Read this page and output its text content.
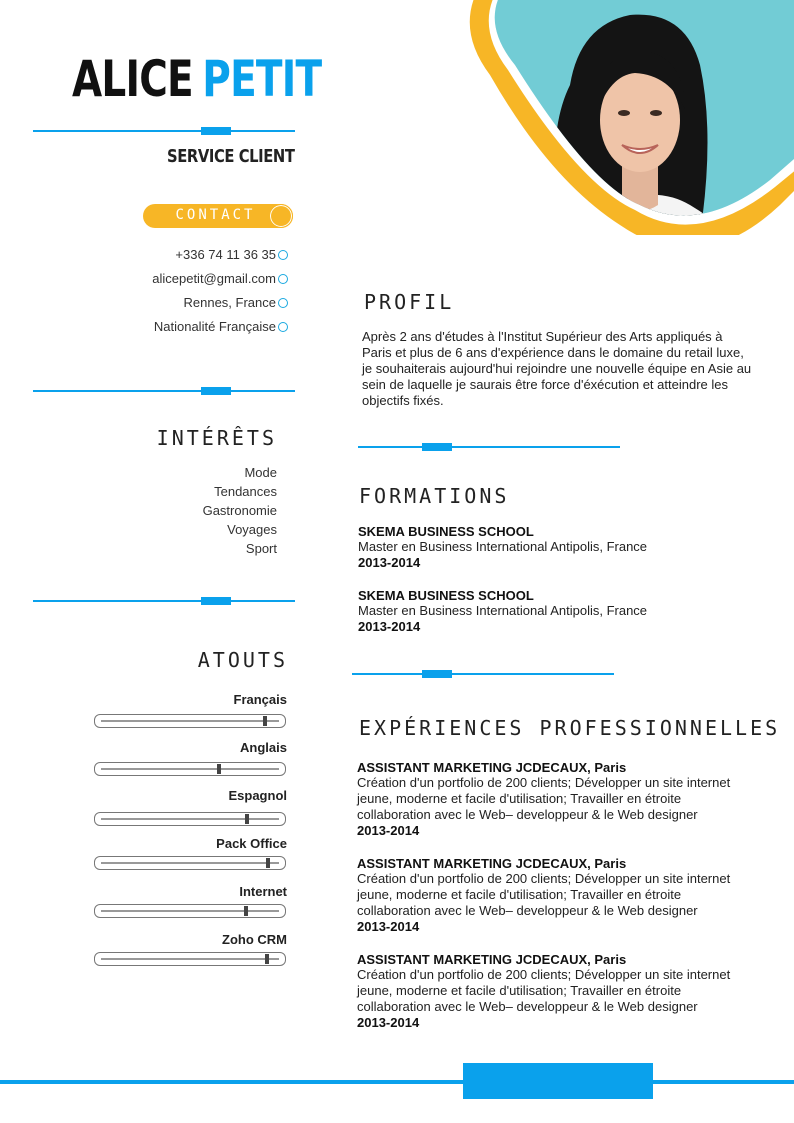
ALICE PETIT
SERVICE CLIENT
CONTACT
+336 74 11 36 35
alicepetit@gmail.com
Rennes, France
Nationalité Française
INTÉRÊTS
Mode
Tendances
Gastronomie
Voyages
Sport
ATOUTS
Français
Anglais
Espagnol
Pack Office
Internet
Zoho CRM
PROFIL
Après 2 ans d'études à l'Institut Supérieur des Arts appliqués à Paris et plus de 6 ans d'expérience dans le domaine du retail luxe, je souhaiterais aujourd'hui rejoindre une nouvelle équipe en Asie au sein de laquelle je saurais être force d'éxécution et atteindre les objectifs fixés.
FORMATIONS
SKEMA BUSINESS SCHOOL
Master en Business International Antipolis, France
2013-2014
SKEMA BUSINESS SCHOOL
Master en Business International Antipolis, France
2013-2014
EXPÉRIENCES PROFESSIONNELLES
ASSISTANT MARKETING JCDECAUX, Paris
Création d'un portfolio de 200 clients; Développer un site internet jeune, moderne et facile d'utilisation; Travailler en étroite collaboration avec le Web– developpeur & le Web designer
2013-2014
ASSISTANT MARKETING JCDECAUX, Paris
Création d'un portfolio de 200 clients; Développer un site internet jeune, moderne et facile d'utilisation; Travailler en étroite collaboration avec le Web– developpeur & le Web designer
2013-2014
ASSISTANT MARKETING JCDECAUX, Paris
Création d'un portfolio de 200 clients; Développer un site internet jeune, moderne et facile d'utilisation; Travailler en étroite collaboration avec le Web– developpeur & le Web designer
2013-2014
